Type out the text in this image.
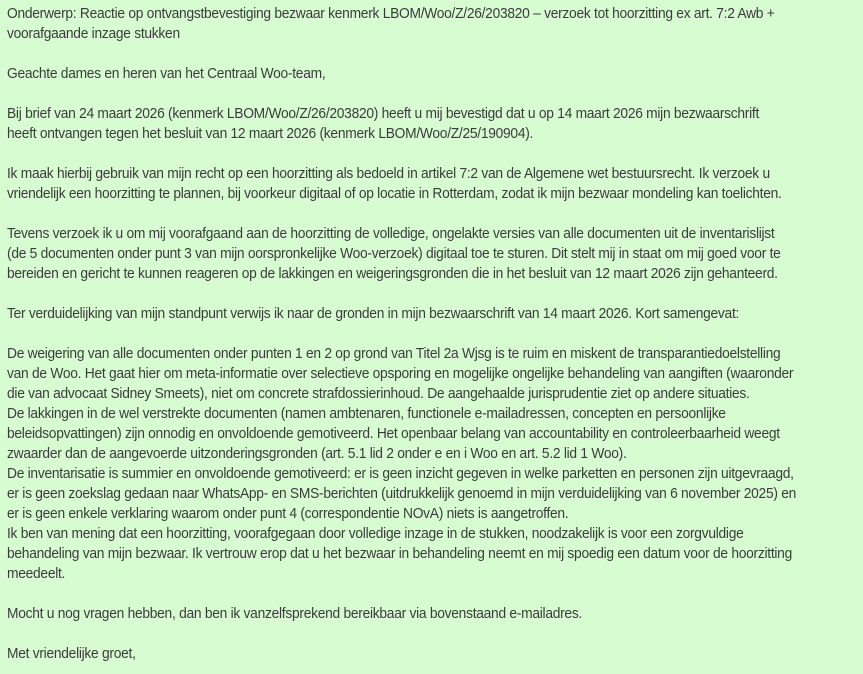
Onderwerp: Reactie op ontvangstbevestiging bezwaar kenmerk LBOM/Woo/Z/26/203820 – verzoek tot hoorzitting ex art. 7:2 Awb +
voorafgaande inzage stukken
Geachte dames en heren van het Centraal Woo-team,
Bij brief van 24 maart 2026 (kenmerk LBOM/Woo/Z/26/203820) heeft u mij bevestigd dat u op 14 maart 2026 mijn bezwaarschrift
heeft ontvangen tegen het besluit van 12 maart 2026 (kenmerk LBOM/Woo/Z/25/190904).
Ik maak hierbij gebruik van mijn recht op een hoorzitting als bedoeld in artikel 7:2 van de Algemene wet bestuursrecht. Ik verzoek u
vriendelijk een hoorzitting te plannen, bij voorkeur digitaal of op locatie in Rotterdam, zodat ik mijn bezwaar mondeling kan toelichten.
Tevens verzoek ik u om mij voorafgaand aan de hoorzitting de volledige, ongelakte versies van alle documenten uit de inventarislijst
(de 5 documenten onder punt 3 van mijn oorspronkelijke Woo-verzoek) digitaal toe te sturen. Dit stelt mij in staat om mij goed voor te
bereiden en gericht te kunnen reageren op de lakkingen en weigeringsgronden die in het besluit van 12 maart 2026 zijn gehanteerd.
Ter verduidelijking van mijn standpunt verwijs ik naar de gronden in mijn bezwaarschrift van 14 maart 2026. Kort samengevat:
De weigering van alle documenten onder punten 1 en 2 op grond van Titel 2a Wjsg is te ruim en miskent de transparantiedoelstelling
van de Woo. Het gaat hier om meta-informatie over selectieve opsporing en mogelijke ongelijke behandeling van aangiften (waaronder
die van advocaat Sidney Smeets), niet om concrete strafdossierinhoud. De aangehaalde jurisprudentie ziet op andere situaties.
De lakkingen in de wel verstrekte documenten (namen ambtenaren, functionele e-mailadressen, concepten en persoonlijke
beleidsopvattingen) zijn onnodig en onvoldoende gemotiveerd. Het openbaar belang van accountability en controleerbaarheid weegt
zwaarder dan de aangevoerde uitzonderingsgronden (art. 5.1 lid 2 onder e en i Woo en art. 5.2 lid 1 Woo).
De inventarisatie is summier en onvoldoende gemotiveerd: er is geen inzicht gegeven in welke parketten en personen zijn uitgevraagd,
er is geen zoekslag gedaan naar WhatsApp- en SMS-berichten (uitdrukkelijk genoemd in mijn verduidelijking van 6 november 2025) en
er is geen enkele verklaring waarom onder punt 4 (correspondentie NOvA) niets is aangetroffen.
Ik ben van mening dat een hoorzitting, voorafgegaan door volledige inzage in de stukken, noodzakelijk is voor een zorgvuldige
behandeling van mijn bezwaar. Ik vertrouw erop dat u het bezwaar in behandeling neemt en mij spoedig een datum voor de hoorzitting
meedeelt.
Mocht u nog vragen hebben, dan ben ik vanzelfsprekend bereikbaar via bovenstaand e-mailadres.
Met vriendelijke groet,
